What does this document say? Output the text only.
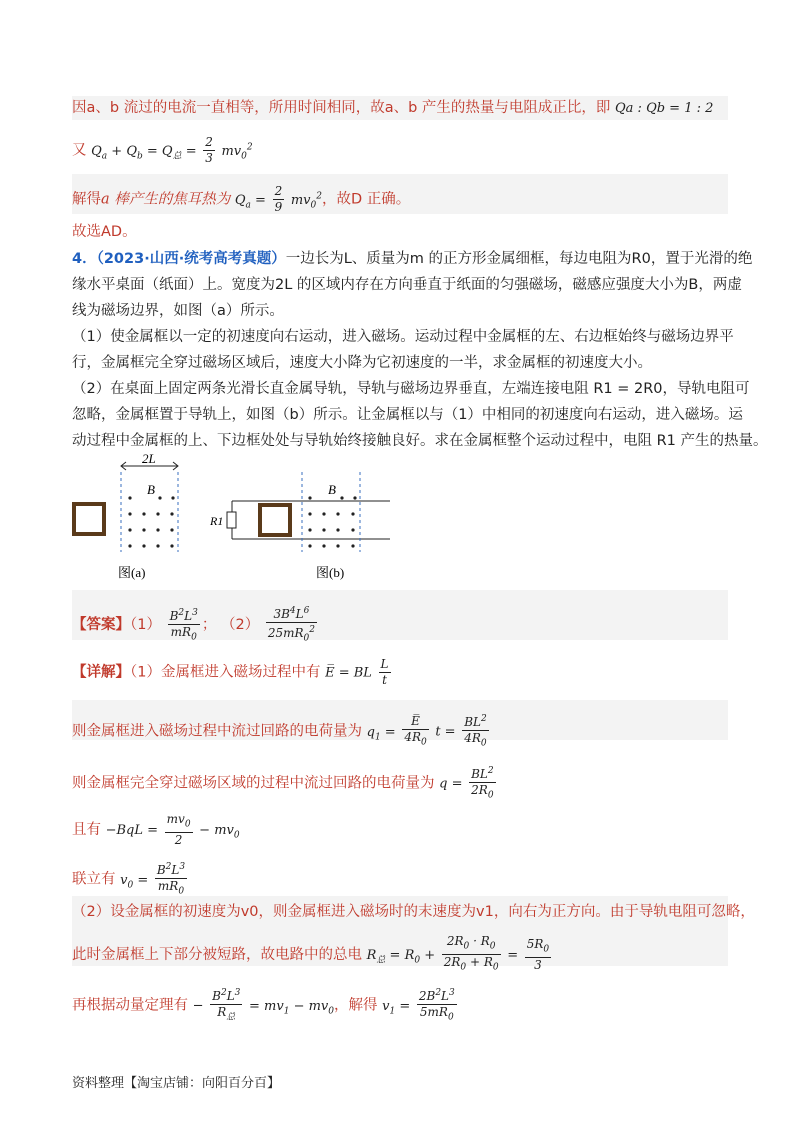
因a、b 流过的电流一直相等，所用时间相同，故a、b 产生的热量与电阻成正比，即 Qa : Qb = 1 : 2
又 $Q_a + Q_b = Q_总 = \frac{2}{3} mv_0^2$
解得a 棒产生的焦耳热为 $Q_a = \frac{2}{9} mv_0^2$，故D 正确。
故选AD。
4．（2023·山西·统考高考真题）一边长为L、质量为m 的正方形金属细框，每边电阻为R0，置于光滑的绝
缘水平桌面（纸面）上。宽度为2L 的区域内存在方向垂直于纸面的匀强磁场，磁感应强度大小为B，两虚
线为磁场边界，如图（a）所示。
（1）使金属框以一定的初速度向右运动，进入磁场。运动过程中金属框的左、右边框始终与磁场边界平
行，金属框完全穿过磁场区域后，速度大小降为它初速度的一半，求金属框的初速度大小。
（2）在桌面上固定两条光滑长直金属导轨，导轨与磁场边界垂直，左端连接电阻 R1 = 2R0，导轨电阻可
忽略，金属框置于导轨上，如图（b）所示。让金属框以与（1）中相同的初速度向右运动，进入磁场。运
动过程中金属框的上、下边框处处与导轨始终接触良好。求在金属框整个运动过程中，电阻 R1 产生的热量。
2L
B
图(a)
R1
B
图(b)
【答案】$(1) \frac{B^2L^3}{mR_0}$ ； $(2) \frac{3B^4L^6}{25mR_0^2}$
【详解】（1）金属框进入磁场过程中有 E̅ = BL $\frac{L}{t}$
则金属框进入磁场过程中流过回路的电荷量为 $q_1 = \frac{E̅}{4R_0}$ $t = \frac{BL^2}{4R_0}$
则金属框完全穿过磁场区域的过程中流过回路的电荷量为 $q = \frac{BL^2}{2R_0}$
且有 $-BqL = \frac{mv_0}{2} - mv_0$
联立有 $v_0 = \frac{B^2L^3}{mR_0}$
（2）设金属框的初速度为v0，则金属框进入磁场时的末速度为v1，向右为正方向。由于导轨电阻可忽略，
此时金属框上下部分被短路，故电路中的总电 $R_总 = R_0 + \frac{2R_0 \cdot R_0}{2R_0 + R_0} = \frac{5R_0}{3}$
再根据动量定理有 − $\frac{B^2L^3}{R_总} = mv_1 - mv_0$，解得 $v_1 = \frac{2B^2L^3}{5mR_0}$
资料整理【淘宝店铺：向阳百分百】
